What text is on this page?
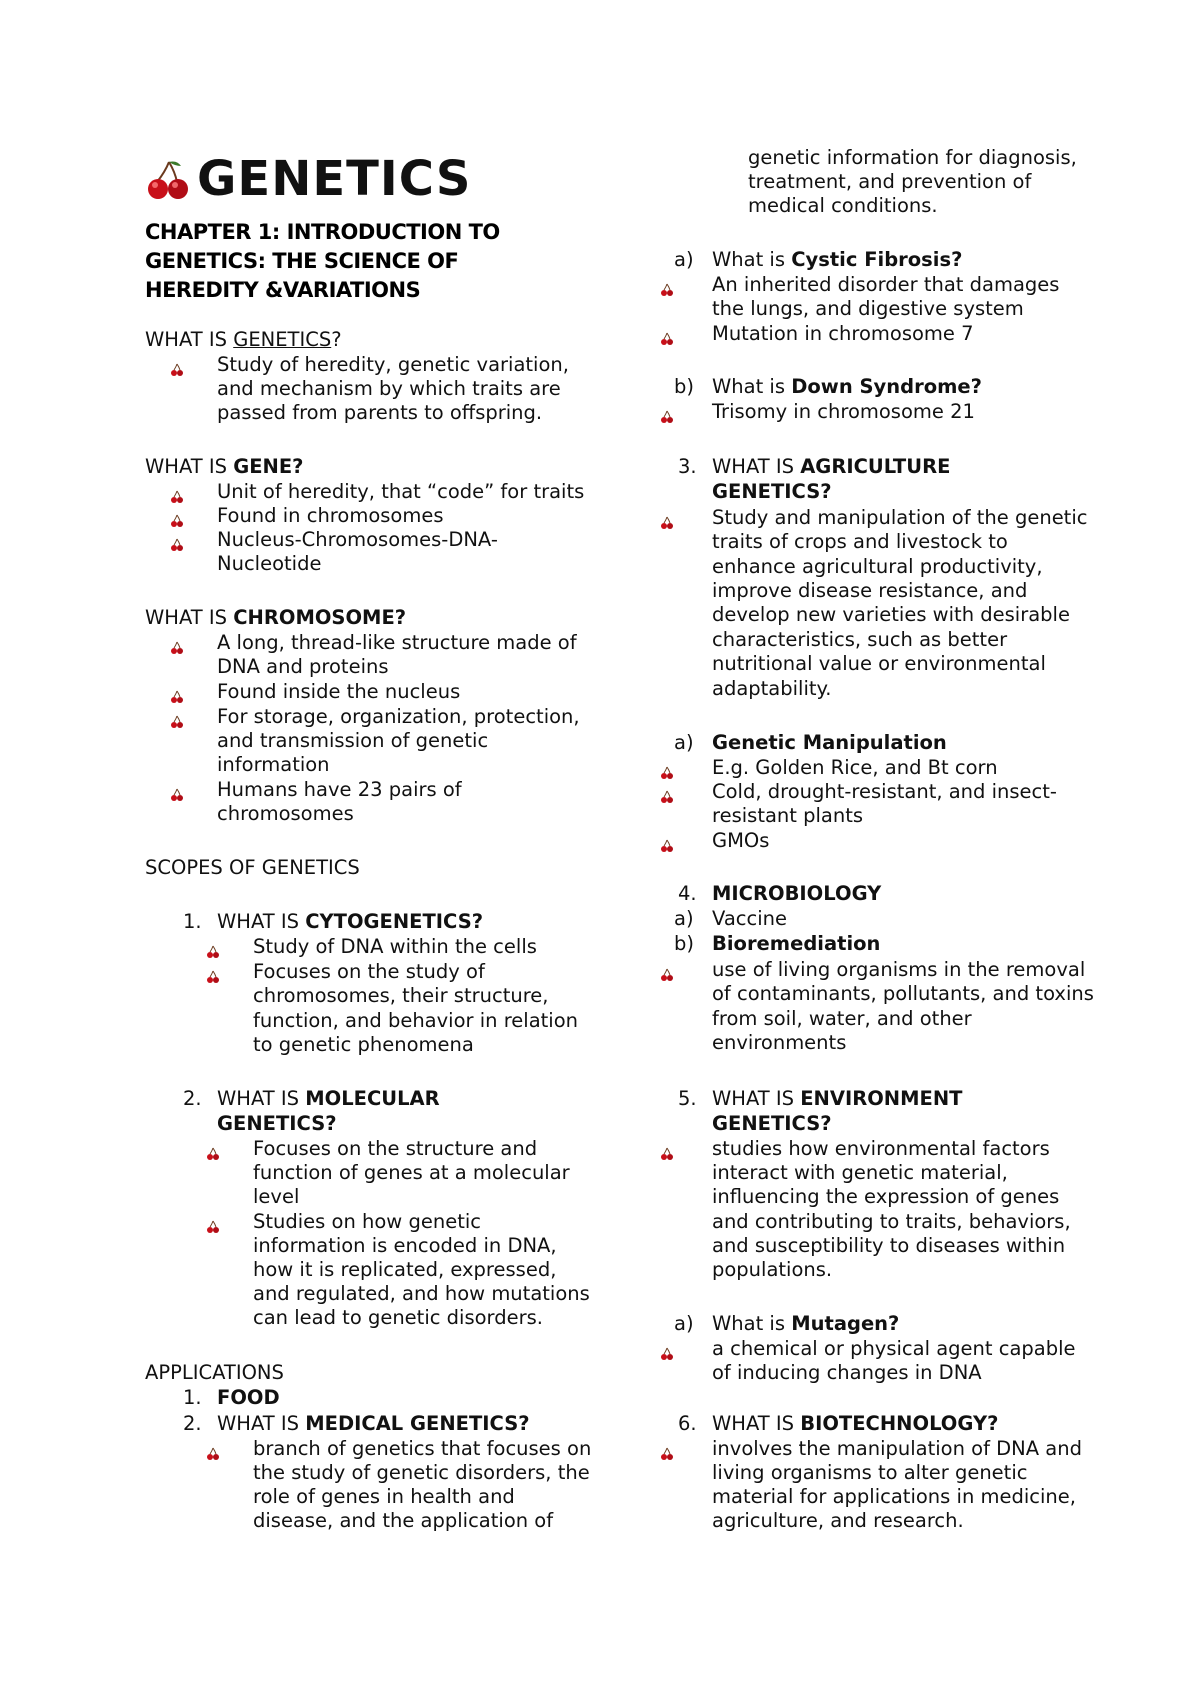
GENETICS
CHAPTER 1: INTRODUCTION TO
GENETICS: THE SCIENCE OF
HEREDITY &VARIATIONS
WHAT IS GENETICS?
Study of heredity, genetic variation,
and mechanism by which traits are
passed from parents to offspring.
WHAT IS GENE?
Unit of heredity, that “code” for traits
Found in chromosomes
Nucleus-Chromosomes-DNA-
Nucleotide
WHAT IS CHROMOSOME?
A long, thread-like structure made of
DNA and proteins
Found inside the nucleus
For storage, organization, protection,
and transmission of genetic
information
Humans have 23 pairs of
chromosomes
SCOPES OF GENETICS
1. WHAT IS CYTOGENETICS?
Study of DNA within the cells
Focuses on the study of
chromosomes, their structure,
function, and behavior in relation
to genetic phenomena
2. WHAT IS MOLECULAR
GENETICS?
Focuses on the structure and
function of genes at a molecular
level
Studies on how genetic
information is encoded in DNA,
how it is replicated, expressed,
and regulated, and how mutations
can lead to genetic disorders.
APPLICATIONS
1. FOOD
2. WHAT IS MEDICAL GENETICS?
branch of genetics that focuses on
the study of genetic disorders, the
role of genes in health and
disease, and the application of
genetic information for diagnosis,
treatment, and prevention of
medical conditions.
a) What is Cystic Fibrosis?
An inherited disorder that damages
the lungs, and digestive system
Mutation in chromosome 7
b) What is Down Syndrome?
Trisomy in chromosome 21
3. WHAT IS AGRICULTURE
GENETICS?
Study and manipulation of the genetic
traits of crops and livestock to
enhance agricultural productivity,
improve disease resistance, and
develop new varieties with desirable
characteristics, such as better
nutritional value or environmental
adaptability.
a) Genetic Manipulation
E.g. Golden Rice, and Bt corn
Cold, drought-resistant, and insect-
resistant plants
GMOs
4. MICROBIOLOGY
a) Vaccine
b) Bioremediation
use of living organisms in the removal
of contaminants, pollutants, and toxins
from soil, water, and other
environments
5. WHAT IS ENVIRONMENT
GENETICS?
studies how environmental factors
interact with genetic material,
influencing the expression of genes
and contributing to traits, behaviors,
and susceptibility to diseases within
populations.
a) What is Mutagen?
a chemical or physical agent capable
of inducing changes in DNA
6. WHAT IS BIOTECHNOLOGY?
involves the manipulation of DNA and
living organisms to alter genetic
material for applications in medicine,
agriculture, and research.
